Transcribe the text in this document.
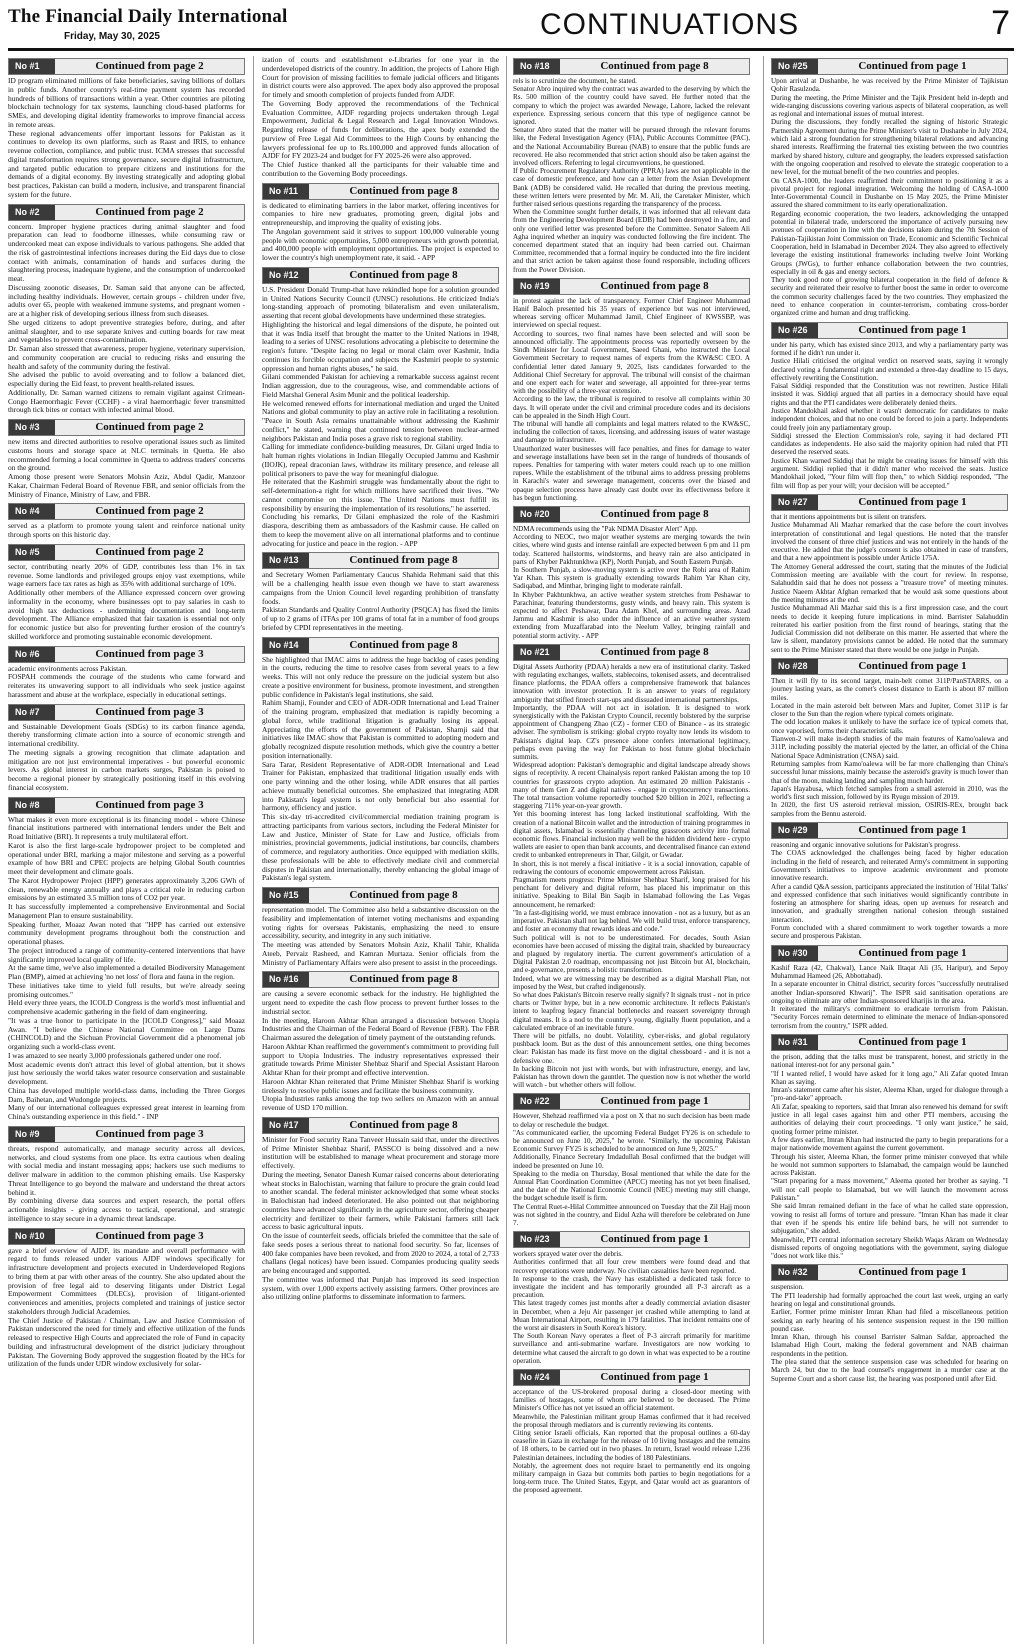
The Financial Daily International
Friday, May 30, 2025	CONTINUATIONS	7
No #1	Continued from page 2

ID program eliminated millions of fake beneficiaries, saving billions of dollars in public funds. Another country's real-time payment system has recorded hundreds of billions of transactions within a year. Other countries are piloting blockchain technology for tax systems, launching cloud-based platforms for SMEs, and developing digital identity frameworks to improve financial access in remote areas.

These regional advancements offer important lessons for Pakistan as it continues to develop its own platforms, such as Raast and IRIS, to enhance revenue collection, compliance, and public trust. ICMA stresses that successful digital transformation requires strong governance, secure digital infrastructure, and targeted public education to prepare citizens and institutions for the demands of a digital economy. By investing strategically and adopting global best practices, Pakistan can build a modern, inclusive, and transparent financial system for the future.

No #2	Continued from page 2

concern. Improper hygiene practices during animal slaughter and food preparation can lead to foodborne illnesses, while consuming raw or undercooked meat can expose individuals to various pathogens. She added that the risk of gastrointestinal infections increases during the Eid days due to close contact with animals, contamination of hands and surfaces during the slaughtering process, inadequate hygiene, and the consumption of undercooked meat.

Discussing zoonotic diseases, Dr. Saman said that anyone can be affected, including healthy individuals. However, certain groups - children under five, adults over 65, people with weakened immune systems, and pregnant women - are at a higher risk of developing serious illness from such diseases.

She urged citizens to adopt preventive strategies before, during, and after animal slaughter, and to use separate knives and cutting boards for raw meat and vegetables to prevent cross-contamination.

Dr. Saman also stressed that awareness, proper hygiene, veterinary supervision, and community cooperation are crucial to reducing risks and ensuring the health and safety of the community during the festival.

She advised the public to avoid overeating and to follow a balanced diet, especially during the Eid feast, to prevent health-related issues.

Additionally, Dr. Saman warned citizens to remain vigilant against Crimean-Congo Haemorrhagic Fever (CCHF) - a viral haemorrhagic fever transmitted through tick bites or contact with infected animal blood.

No #3	Continued from page 2

new items and directed authorities to resolve operational issues such as limited customs hours and storage space at NLC terminals in Quetta. He also recommended forming a local committee in Quetta to address traders' concerns on the ground.

Among those present were Senators Mohsin Aziz, Abdul Qadir, Manzoor Kakar, Chairman Federal Board of Revenue FBR, and senior officials from the Ministry of Finance, Ministry of Law, and FBR.

No #4	Continued from page 2

served as a platform to promote young talent and reinforce national unity through sports on this historic day.

No #5	Continued from page 2

sector, contributing nearly 20% of GDP, contributes less than 1% in tax revenue. Some landlords and privileged groups enjoy vast exemptions, while wage earners face tax rates as high as 35% with additional surcharge of 10%.

Additionally other members of the Alliance expressed concern over growing informality in the economy, where businesses opt to pay salaries in cash to avoid high tax deductions - undermining documentation and long-term development. The Alliance emphasized that fair taxation is essential not only for economic justice but also for preventing further erosion of the country's skilled workforce and promoting sustainable economic development.

No #6	Continued from page 3

academic environments across Pakistan.

FOSPAH commends the courage of the students who came forward and reiterates its unwavering support to all individuals who seek justice against harassment and abuse at the workplace, especially in educational settings.

No #7	Continued from page 3

and Sustainable Development Goals (SDGs) to its carbon finance agenda, thereby transforming climate action into a source of economic strength and international credibility.

The meeting signals a growing recognition that climate adaptation and mitigation are not just environmental imperatives - but powerful economic levers. As global interest in carbon markets surges, Pakistan is poised to become a regional pioneer by strategically positioning itself in this evolving financial ecosystem.

No #8	Continued from page 3

What makes it even more exceptional is its financing model - where Chinese financial institutions partnered with international lenders under the Belt and Road Initiative (BRI). It represents a truly multilateral effort.

Karot is also the first large-scale hydropower project to be completed and operational under BRI, marking a major milestone and serving as a powerful example of how BRI and CPEC projects are helping Global South countries meet their development and climate goals.

The Karot Hydropower Project (HPP) generates approximately 3,206 GWh of clean, renewable energy annually and plays a critical role in reducing carbon emissions by an estimated 3.5 million tons of CO2 per year.

It has successfully implemented a comprehensive Environmental and Social Management Plan to ensure sustainability.

Speaking further, Moaaz Awan noted that "HPP has carried out extensive community development programs throughout both the construction and operational phases.

The project introduced a range of community-centered interventions that have significantly improved local quality of life.

At the same time, we've also implemented a detailed Biodiversity Management Plan (BMP), aimed at achieving 'no net loss' of flora and fauna in the region.

These initiatives take time to yield full results, but we're already seeing promising outcomes."

Held every three years, the ICOLD Congress is the world's most influential and comprehensive academic gathering in the field of dam engineering.

"It was a true honor to participate in the [ICOLD Congress]," said Moaaz Awan. "I believe the Chinese National Committee on Large Dams (CHINCOLD) and the Sichuan Provincial Government did a phenomenal job organizing such a world-class event.

I was amazed to see nearly 3,000 professionals gathered under one roof.

Most academic events don't attract this level of global attention, but it shows just how seriously the world takes water resource conservation and sustainable development.

China has developed multiple world-class dams, including the Three Gorges Dam, Baihetan, and Wudongde projects.

Many of our international colleagues expressed great interest in learning from China's outstanding experience in this field." - INP

No #9	Continued from page 3

threats, respond automatically, and manage security across all devices, networks, and cloud systems from one place. Its extra cautious when dealing with social media and instant messaging apps; hackers use such mediums to deliver malware in addition to the common phishing emails. Use Kaspersky Threat Intelligence to go beyond the malware and understand the threat actors behind it.

By combining diverse data sources and expert research, the portal offers actionable insights - giving access to tactical, operational, and strategic intelligence to stay secure in a dynamic threat landscape.

No #10	Continued from page 3

gave a brief overview of AJDF, its mandate and overall performance with regard to funds released under various AJDF windows specifically for infrastructure development and projects executed in Underdeveloped Regions to bring them at par with other areas of the country. She also updated about the provision of free legal aid to deserving litigants under District Legal Empowerment Committees (DLECs), provision of litigant-oriented conveniences and amenities, projects completed and trainings of justice sector stakeholders through Judicial Academies.

The Chief Justice of Pakistan / Chairman, Law and Justice Commission of Pakistan underscored the need for timely and effective utilization of the funds released to respective High Courts and appreciated the role of Fund in capacity building and infrastructural development of the district judiciary throughout Pakistan. The Governing Body approved the suggestion floated by the HCs for utilization of the funds under UDR window exclusively for solar-

ization of courts and establishment e-Libraries for one year in the underdeveloped districts of the country. In addition, the projects of Lahore High Court for provision of missing facilities to female judicial officers and litigants in district courts were also approved. The apex body also approved the proposal for timely and smooth completion of projects funded from AJDF.

The Governing Body approved the recommendations of the Technical Evaluation Committee, AJDF regarding projects undertaken through Legal Empowerment, Judicial & Legal Research and Legal Innovation Windows. Regarding release of funds for deliberations, the apex body extended the purview of Free Legal Aid Committees to the High Courts by enhancing the lawyers professional fee up to Rs.100,000 and approved funds allocation of AJDF for FY 2023-24 and budget for FY 2025-26 were also approved.

The Chief Justice thanked all the participants for their valuable time and contribution to the Governing Body proceedings.

No #11	Continued from page 8

is dedicated to eliminating barriers in the labor market, offering incentives for companies to hire new graduates, promoting green, digital jobs and entrepreneurship, and improving the quality of existing jobs.

The Angolan government said it strives to support 100,000 vulnerable young people with economic opportunities, 5,000 entrepreneurs with growth potential, and 400,000 people with employment opportunities. The project is expected to lower the country's high unemployment rate, it said. - APP

No #12	Continued from page 8

U.S. President Donald Trump-that have rekindled hope for a solution grounded in United Nations Security Council (UNSC) resolutions. He criticized India's long-standing approach of promoting bilateralism and even unilateralism, asserting that recent global developments have undermined these strategies.

Highlighting the historical and legal dimensions of the dispute, he pointed out that it was India itself that brought the matter to the United Nations in 1948, leading to a series of UNSC resolutions advocating a plebiscite to determine the region's future. "Despite facing no legal or moral claim over Kashmir, India continues its forcible occupation and subjects the Kashmiri people to systemic oppression and human rights abuses," he said.

Gilani commended Pakistan for achieving a remarkable success against recent Indian aggression, due to the courageous, wise, and commendable actions of Field Marshal General Asim Munir and the political leadership.

He welcomed renewed efforts for international mediation and urged the United Nations and global community to play an active role in facilitating a resolution. "Peace in South Asia remains unattainable without addressing the Kashmir conflict," he stated, warning that continued tension between nuclear-armed neighbors Pakistan and India poses a grave risk to regional stability.

Calling for immediate confidence-building measures, Dr. Gilani urged India to halt human rights violations in Indian Illegally Occupied Jammu and Kashmir (IIOJK), repeal draconian laws, withdraw its military presence, and release all political prisoners to pave the way for meaningful dialogue.

He reiterated that the Kashmiri struggle was fundamentally about the right to self-determination-a right for which millions have sacrificed their lives. "We cannot compromise on this issue. The United Nations must fulfill its responsibility by ensuring the implementation of its resolutions," he asserted.

Concluding his remarks, Dr Gilani emphasized the role of the Kashmiri diaspora, describing them as ambassadors of the Kashmir cause. He called on them to keep the movement alive on all international platforms and to continue advocating for justice and peace in the region. - APP

No #13	Continued from page 8

and Secretary Women Parliamentary Caucus Shahida Rehmani said that this will be a challenging health issue even though we have to start awareness campaigns from the Union Council level regarding prohibition of transfatty foods.

Pakistan Standards and Quality Control Authority (PSQCA) has fixed the limits of up to 2 grams of iTFAs per 100 grams of total fat in a number of food groups briefed by CPDI representatives in the meeting.

No #14	Continued from page 8

She highlighted that IMAC aims to address the huge backlog of cases pending in the courts, reducing the time to resolve cases from several years to a few weeks. This will not only reduce the pressure on the judicial system but also create a positive environment for business, promote investment, and strengthen public confidence in Pakistan's legal institutions, she said.

Rahim Shamji, Founder and CEO of ADR-ODR International and Lead Trainer of the training program, emphasized that mediation is rapidly becoming a global force, while traditional litigation is gradually losing its appeal. Appreciating the efforts of the government of Pakistan, Shamji said that initiatives like IMAC show that Pakistan is committed to adopting modern and globally recognized dispute resolution methods, which give the country a better position internationally.

Sara Tarar, Resident Representative of ADR-ODR International and Lead Trainer for Pakistan, emphasized that traditional litigation usually ends with one party winning and the other losing, while ADR ensures that all parties achieve mutually beneficial outcomes. She emphasized that integrating ADR into Pakistan's legal system is not only beneficial but also essential for harmony, efficiency and justice.

This six-day tri-accredited civil/commercial mediation training program is attracting participants from various sectors, including the Federal Minister for Law and Justice, Minister of State for Law and Justice, officials from ministries, provincial governments, judicial institutions, bar councils, chambers of commerce, and regulatory authorities. Once equipped with mediation skills, these professionals will be able to effectively mediate civil and commercial disputes in Pakistan and internationally, thereby enhancing the global image of Pakistan's legal system.

No #15	Continued from page 8

representation model. The Committee also held a substantive discussion on the feasibility and implementation of internet voting mechanisms and expanding voting rights for overseas Pakistanis, emphasizing the need to ensure accessibility, security, and integrity in any such initiative.

The meeting was attended by Senators Mohsin Aziz, Khalil Tahir, Khalida Ateeb, Pervaiz Rasheed, and Kamran Murtaza. Senior officials from the Ministry of Parliamentary Affairs were also present to assist in the proceedings.

No #16	Continued from page 8

are causing a severe economic setback for the industry. He highlighted the urgent need to expedite the cash flow process to prevent further losses to the industrial sector.

In the meeting, Haroon Akhtar Khan arranged a discussion between Utopia Industries and the Chairman of the Federal Board of Revenue (FBR). The FBR Chairman assured the delegation of timely payment of the outstanding refunds.

Haroon Akhtar Khan reaffirmed the government's commitment to providing full support to Utopia Industries. The industry representatives expressed their gratitude towards Prime Minister Shehbaz Sharif and Special Assistant Haroon Akhtar Khan for their prompt and effective intervention.

Haroon Akhtar Khan reiterated that Prime Minister Shehbaz Sharif is working tirelessly to resolve public issues and facilitate the business community.

Utopia Industries ranks among the top two sellers on Amazon with an annual revenue of USD 170 million.

No #17	Continued from page 8

Minister for Food security Rana Tanveer Hussain said that, under the directives of Prime Minister Shehbaz Sharif, PASSCO is being dissolved and a new institution will be established to manage wheat procurement and storage more effectively.

During the meeting, Senator Danesh Kumar raised concerns about deteriorating wheat stocks in Balochistan, warning that failure to procure the grain could lead to another scandal. The federal minister acknowledged that some wheat stocks in Balochistan had indeed deteriorated. He also pointed out that neighboring countries have advanced significantly in the agriculture sector, offering cheaper electricity and fertilizer to their farmers, while Pakistani farmers still lack access to basic agricultural inputs.

On the issue of counterfeit seeds, officials briefed the committee that the sale of fake seeds poses a serious threat to national food security. So far, licenses of 400 fake companies have been revoked, and from 2020 to 2024, a total of 2,733 challans (legal notices) have been issued. Companies producing quality seeds are being encouraged and supported.

The committee was informed that Punjab has improved its seed inspection system, with over 1,000 experts actively assisting farmers. Other provinces are also utilizing online platforms to disseminate information to farmers.

No #18	Continued from page 8

rels is to scrutinize the document, he stated.

Senator Abro inquired why the contract was awarded to the deserving by which the Rs. 500 million of the country could have saved. He further noted that the company to which the project was awarded Newage, Lahore, lacked the relevant experience. Expressing serious concern that this type of negligence cannot be ignored.

Senator Abro stated that the matter will be pursued through the relevant forums like, the Federal Investigation Agency (FIA), Public Accounts Committee (PAC), and the National Accountability Bureau (NAB) to ensure that the public funds are recovered. He also recommended that strict action should also be taken against the involved officers. Referring to legal circumventions, he questioned.

If Public Procurement Regulatory Authority (PPRA) laws are not applicable in the case of domestic preference, and how can a letter from the Asian Development Bank (ADB) be considered valid. He recalled that during the previous meeting, these written letters were presented by Mr. M. Ali, the Caretaker Minister, which further raised serious questions regarding the transparency of the process.

When the Committee sought further details, it was informed that all relevant data from the Engineering Development Board (EDB) had been destroyed in a fire, and only one verified letter was presented before the Committee. Senator Saleem Ali Agha inquired whether an inquiry was conducted following the fire incident. The concerned department stated that an inquiry had been carried out. Chairman Committee, recommended that a formal inquiry be conducted into the fire incident and that strict action be taken against those found responsible, including officers from the Power Division.

No #19	Continued from page 8

in protest against the lack of transparency. Former Chief Engineer Muhammad Hanif Baloch presented his 35 years of experience but was not interviewed, whereas serving officer Muhammad Jamil, Chief Engineer of KWSSBP, was interviewed on special request.

According to sources, two final names have been selected and will soon be announced officially. The appointments process was reportedly overseen by the Sindh Minister for Local Government, Saeed Ghani, who instructed the Local Government Secretary to request names of experts from the KW&SC CEO. A confidential letter dated January 9, 2025, lists candidates forwarded to the Additional Chief Secretary for approval. The tribunal will consist of the chairman and one expert each for water and sewerage, all appointed for three-year terms with the possibility of a three-year extension.

According to the law, the tribunal is required to resolve all complaints within 30 days. It will operate under the civil and criminal procedure codes and its decisions can be appealed in the Sindh High Court.

The tribunal will handle all complaints and legal matters related to the KW&SC, including the collection of taxes, licensing, and addressing issues of water wastage and damage to infrastructure.

Unauthorized water businesses will face penalties, and fines for damage to water and sewerage installations have been set in the range of hundreds of thousands of rupees. Penalties for tampering with water meters could reach up to one million rupees. While the establishment of the tribunal aims to address pressing problems in Karachi's water and sewerage management, concerns over the biased and opaque selection process have already cast doubt over its effectiveness before it has begun functioning.

No #20	Continued from page 8

NDMA recommends using the "Pak NDMA Disaster Alert" App.

According to NEOC, two major weather systems are merging towards the twin cities, where wind gusts and intense rainfall are expected between 6 pm and 11 pm today. Scattered hailstorms, windstorms, and heavy rain are also anticipated in parts of Khyber Pakhtunkhwa (KP), North Punjab, and South Eastern Punjab.

In Southern Punjab, a slow-moving system is active over the Rohi area of Rahim Yar Khan. This system is gradually extending towards Rahim Yar Khan city, Sadiqabad, and Minthar, bringing light to moderate rainfall.

In Khyber Pakhtunkhwa, an active weather system stretches from Peshawar to Parachinar, featuring thunderstorms, gusty winds, and heavy rain. This system is expected to affect Peshawar, Dara Adam Khel, and surrounding areas. Azad Jammu and Kashmir is also under the influence of an active weather system extending from Muzaffarabad into the Neelum Valley, bringing rainfall and potential storm activity. - APP

No #21	Continued from page 8

Digital Assets Authority (PDAA) heralds a new era of institutional clarity. Tasked with regulating exchanges, wallets, stablecoins, tokenised assets, and decentralised finance platforms, the PDAA offers a comprehensive framework that balances innovation with investor protection. It is an answer to years of regulatory ambiguity that stifled fintech start-ups and dissuaded international partnerships.

Importantly, the PDAA will not act in isolation. It is designed to work synergistically with the Pakistan Crypto Council, recently bolstered by the surprise appointment of Changpeng Zhao (CZ) - former CEO of Binance - as its strategic adviser. The symbolism is striking: global crypto royalty now lends its wisdom to Pakistan's digital leap. CZ's presence alone confers international legitimacy, perhaps even paving the way for Pakistan to host future global blockchain summits.

Widespread adoption: Pakistan's demographic and digital landscape already shows signs of receptivity. A recent Chainalysis report ranked Pakistan among the top 10 countries for grassroots crypto adoption. An estimated 20 million Pakistanis - many of them Gen Z and digital natives - engage in cryptocurrency transactions. The total transaction volume reportedly touched $20 billion in 2021, reflecting a staggering 711% year-on-year growth.

Yet this booming interest has long lacked institutional scaffolding. With the creation of a national Bitcoin wallet and the introduction of training programmes in digital assets, Islamabad is essentially channeling grassroots activity into formal economic flows. Financial inclusion may well be the hidden dividend here - crypto wallets are easier to open than bank accounts, and decentralised finance can extend credit to unbanked entrepreneurs in Thar, Gilgit, or Gwadar.

In short, this is not merely a fiscal initiative - it is a social innovation, capable of redrawing the contours of economic empowerment across Pakistan.

Pragmatism meets progress: Prime Minister Shehbaz Sharif, long praised for his penchant for delivery and digital reform, has placed his imprimatur on this initiative. Speaking to Bilal Bin Saqib in Islamabad following the Las Vegas announcement, he remarked:

"In a fast-digitising world, we must embrace innovation - not as a luxury, but as an imperative. Pakistan shall not lag behind. We will build trust, enforce transparency, and foster an economy that rewards ideas and code."

Such political will is not to be underestimated. For decades, South Asian economies have been accused of missing the digital train, shackled by bureaucracy and plagued by regulatory inertia. The current government's articulation of a Digital Pakistan 2.0 roadmap, encompassing not just Bitcoin but AI, blockchain, and e-governance, presents a holistic transformation.

Indeed, what we are witnessing may be described as a digital Marshall Plan, not imposed by the West, but crafted indigenously.

So what does Pakistan's Bitcoin reserve really signify? It signals trust - not in price charts or Twitter hype, but in a new economic architecture. It reflects Pakistan's intent to leapfrog legacy financial bottlenecks and reassert sovereignty through digital means. It is a nod to the country's young, digitally fluent population, and a calculated embrace of an inevitable future.

There will be pitfalls, no doubt. Volatility, cyber-risks, and global regulatory pushback loom. But as the dust of this announcement settles, one thing becomes clear: Pakistan has made its first move on the digital chessboard - and it is not a defensive one.

In backing Bitcoin not just with words, but with infrastructure, energy, and law, Pakistan has thrown down the gauntlet. The question now is not whether the world will watch - but whether others will follow.

No #22	Continued from page 1

However, Shehzad reaffirmed via a post on X that no such decision has been made to delay or reschedule the budget.

"As communicated earlier, the upcoming Federal Budget FY26 is on schedule to be announced on June 10, 2025," he wrote. "Similarly, the upcoming Pakistan Economic Survey FY25 is scheduled to be announced on June 9, 2025."

Additionally, Finance Secretary Imdadullah Bosal confirmed that the budget will indeed be presented on June 10.

Speaking to the media on Thursday, Bosal mentioned that while the date for the Annual Plan Coordination Committee (APCC) meeting has not yet been finalised, and the date of the National Economic Council (NEC) meeting may still change, the budget schedule itself is firm.

The Central Ruet-e-Hilal Committee announced on Tuesday that the Zil Hajj moon was not sighted in the country, and Eidul Azha will therefore be celebrated on June 7.

No #23	Continued from page 1

workers sprayed water over the debris.

Authorities confirmed that all four crew members were found dead and that recovery operations were underway. No civilian casualties have been reported.

In response to the crash, the Navy has established a dedicated task force to investigate the incident and has temporarily grounded all P-3 aircraft as a precaution.

This latest tragedy comes just months after a deadly commercial aviation disaster in December, when a Jeju Air passenger jet crashed while attempting to land at Muan International Airport, resulting in 179 fatalities. That incident remains one of the worst air disasters in South Korea's history.

The South Korean Navy operates a fleet of P-3 aircraft primarily for maritime surveillance and anti-submarine warfare. Investigators are now working to determine what caused the aircraft to go down in what was expected to be a routine operation.

No #24	Continued from page 1

acceptance of the US-brokered proposal during a closed-door meeting with families of hostages, some of whom are believed to be deceased. The Prime Minister's Office has not yet issued an official statement.

Meanwhile, the Palestinian militant group Hamas confirmed that it had received the proposal through mediators and is currently reviewing its contents.

Citing senior Israeli officials, Kan reported that the proposal outlines a 60-day ceasefire in Gaza in exchange for the release of 10 living hostages and the remains of 18 others, to be carried out in two phases. In return, Israel would release 1,236 Palestinian detainees, including the bodies of 180 Palestinians.

Notably, the agreement does not require Israel to permanently end its ongoing military campaign in Gaza but commits both parties to begin negotiations for a long-term truce. The United States, Egypt, and Qatar would act as guarantors of the proposed agreement.

No #25	Continued from page 1

Upon arrival at Dushanbe, he was received by the Prime Minister of Tajikistan Qohir Rasulzoda.

During the meeting, the Prime Minister and the Tajik President held in-depth and wide-ranging discussions covering various aspects of bilateral cooperation, as well as regional and international issues of mutual interest.

During the discussions, they fondly recalled the signing of historic Strategic Partnership Agreement during the Prime Minister's visit to Dushanbe in July 2024, which laid a strong foundation for strengthening bilateral relations and advancing shared interests. Reaffirming the fraternal ties existing between the two countries marked by shared history, culture and geography, the leaders expressed satisfaction with the ongoing cooperation and resolved to elevate the strategic cooperation to a new level, for the mutual benefit of the two countries and peoples.

On CASA-1000, the leaders reaffirmed their commitment to positioning it as a pivotal project for regional integration. Welcoming the holding of CASA-1000 Inter-Governmental Council in Dushanbe on 15 May 2025, the Prime Minister assured the shared commitment to its early operationalization.

Regarding economic cooperation, the two leaders, acknowledging the untapped potential in bilateral trade, underscored the importance of actively pursuing new avenues of cooperation in line with the decisions taken during the 7th Session of Pakistan-Tajikistan Joint Commission on Trade, Economic and Scientific Technical Cooperation, held in Islamabad in December 2024. They also agreed to effectively leverage the existing institutional frameworks including twelve Joint Working Groups (JWGs), to further enhance collaboration between the two countries, especially in oil & gas and energy sectors.

They took good note of growing bilateral cooperation in the field of defence & security and reiterated their resolve to further boost the same in order to overcome the common security challenges faced by the two countries. They emphasized the need to enhance cooperation in counter-terrorism, combating cross-border organized crime and human and drug trafficking.

No #26	Continued from page 1

under his party, which has existed since 2013, and why a parliamentary party was formed if he didn't run under it.

Justice Hilali criticised the original verdict on reserved seats, saying it wrongly declared voting a fundamental right and extended a three-day deadline to 15 days, effectively rewriting the Constitution.

Faisal Siddiqi responded that the Constitution was not rewritten. Justice Hilali insisted it was. Siddiqi argued that all parties in a democracy should have equal rights and that the PTI candidates were deliberately denied theirs.

Justice Mandokhail asked whether it wasn't democratic for candidates to make independent choices, and that no one could be forced to join a party. Independents could freely join any parliamentary group.

Siddiqi stressed the Election Commission's role, saying it had declared PTI candidates as independents. He also said the majority opinion had ruled that PTI deserved the reserved seats.

Justice Khan warned Siddiqi that he might be creating issues for himself with this argument. Siddiqi replied that it didn't matter who received the seats. Justice Mandokhail joked, "Your film will flop then," to which Siddiqi responded, "The film will flop as per your will; your decision will be accepted."

No #27	Continued from page 1

that it mentions appointments but is silent on transfers.

Justice Muhammad Ali Mazhar remarked that the case before the court involves interpretation of constitutional and legal questions. He noted that the transfer involved the consent of three chief justices and was not entirely in the hands of the executive. He added that the judge's consent is also obtained in case of transfers, and that a new appointment is possible under Article 175A.

The Attorney General addressed the court, stating that the minutes of the Judicial Commission meeting are available with the court for review. In response, Salahuddin said that he does not possess a "treasure trove" of meeting minutes. Justice Naeem Akhtar Afghan remarked that he would ask some questions about the meeting minutes at the end.

Justice Muhammad Ali Mazhar said this is a first impression case, and the court needs to decide it keeping future implications in mind. Barrister Salahuddin reiterated his earlier position from the first round of hearings, stating that the Judicial Commission did not deliberate on this matter. He asserted that where the law is silent, mandatory provisions cannot be added. He noted that the summary sent to the Prime Minister stated that there would be one judge in Punjab.

No #28	Continued from page 1

Then it will fly to its second target, main-belt comet 311P/PanSTARRS, on a journey lasting years, as the comet's closest distance to Earth is about 87 million miles.

Located in the main asteroid belt between Mars and Jupiter, Comet 311P is far closer to the Sun than the region where typical comets originate.

The odd location makes it unlikely to have the surface ice of typical comets that, once vaporised, forms their characteristic tails.

Tianwen-2 will make in-depth studies of the main features of Kamo'oalewa and 311P, including possibly the material ejected by the latter, an official of the China National Space Administration (CNSA) said.

Returning samples from Kamo'oalewa will be far more challenging than China's successful lunar missions, mainly because the asteroid's gravity is much lower than that of the moon, making landing and sampling much harder.

Japan's Hayabusa, which fetched samples from a small asteroid in 2010, was the world's first such mission, followed by its Ryugu mission of 2019.

In 2020, the first US asteroid retrieval mission, OSIRIS-REx, brought back samples from the Bennu asteroid.

No #29	Continued from page 1

reasoning and organic innovative solutions for Pakistan's progress.

The COAS acknowledged the challenges being faced by higher education including in the field of research, and reiterated Army's commitment in supporting Government's initiatives to improve academic environment and promote innovative research.

After a candid Q&A session, participants appreciated the institution of 'Hilal Talks' and expressed confidence that such initiatives would significantly contribute in fostering an atmosphere for sharing ideas, open up avenues for research and innovation, and gradually strengthen national cohesion through sustained interaction.

Forum concluded with a shared commitment to work together towards a more secure and prosperous Pakistan.

No #30	Continued from page 1

Kashif Raza (42, Chakwal), Lance Naik Iltaqat Ali (35, Haripur), and Sepoy Muhammad Hameed (26, Abbottabad).

In a separate encounter in Chitral district, security forces "successfully neutralised another Indian-sponsored Khwarij". The ISPR said sanitisation operations are ongoing to eliminate any other Indian-sponsored kharijis in the area.

It reiterated the military's commitment to eradicate terrorism from Pakistan. "Security Forces remain determined to eliminate the menace of Indian-sponsored terrorism from the country," ISPR added.

No #31	Continued from page 1

the prison, adding that the talks must be transparent, honest, and strictly in the national interest-not for any personal gain."

"If I wanted relief, I would have asked for it long ago," Ali Zafar quoted Imran Khan as saying.

Imran's statement came after his sister, Aleema Khan, urged for dialogue through a "pro-and-take" approach.

Ali Zafar, speaking to reporters, said that Imran also renewed his demand for swift justice in all legal cases against him and other PTI members, accusing the authorities of delaying their court proceedings. "I only want justice," he said, quoting former prime minister.

A few days earlier, Imran Khan had instructed the party to begin preparations for a major nationwide movement against the current government.

Through his sister, Aleema Khan, the former prime minister conveyed that while he would not summon supporters to Islamabad, the campaign would be launched across Pakistan.

"Start preparing for a mass movement," Aleema quoted her brother as saying. "I will not call people to Islamabad, but we will launch the movement across Pakistan."

She said Imran remained defiant in the face of what he called state oppression, vowing to resist all forms of torture and pressure. "Imran Khan has made it clear that even if he spends his entire life behind bars, he will not surrender to subjugation," she added.

Meanwhile, PTI central information secretary Sheikh Waqas Akram on Wednesday dismissed reports of ongoing negotiations with the government, saying dialogue "does not work like this."

No #32	Continued from page 1

suspension.

The PTI leadership had formally approached the court last week, urging an early hearing on legal and constitutional grounds.

Earlier, Former prime minister Imran Khan had filed a miscellaneous petition seeking an early hearing of his sentence suspension request in the 190 million pound case.

Imran Khan, through his counsel Barrister Salman Safdar, approached the Islamabad High Court, making the federal government and NAB chairman respondents in the petition.

The plea stated that the sentence suspension case was scheduled for hearing on March 24, but due to the lead counsel's engagement in a murder case at the Supreme Court and a short cause list, the hearing was postponed until after Eid.
